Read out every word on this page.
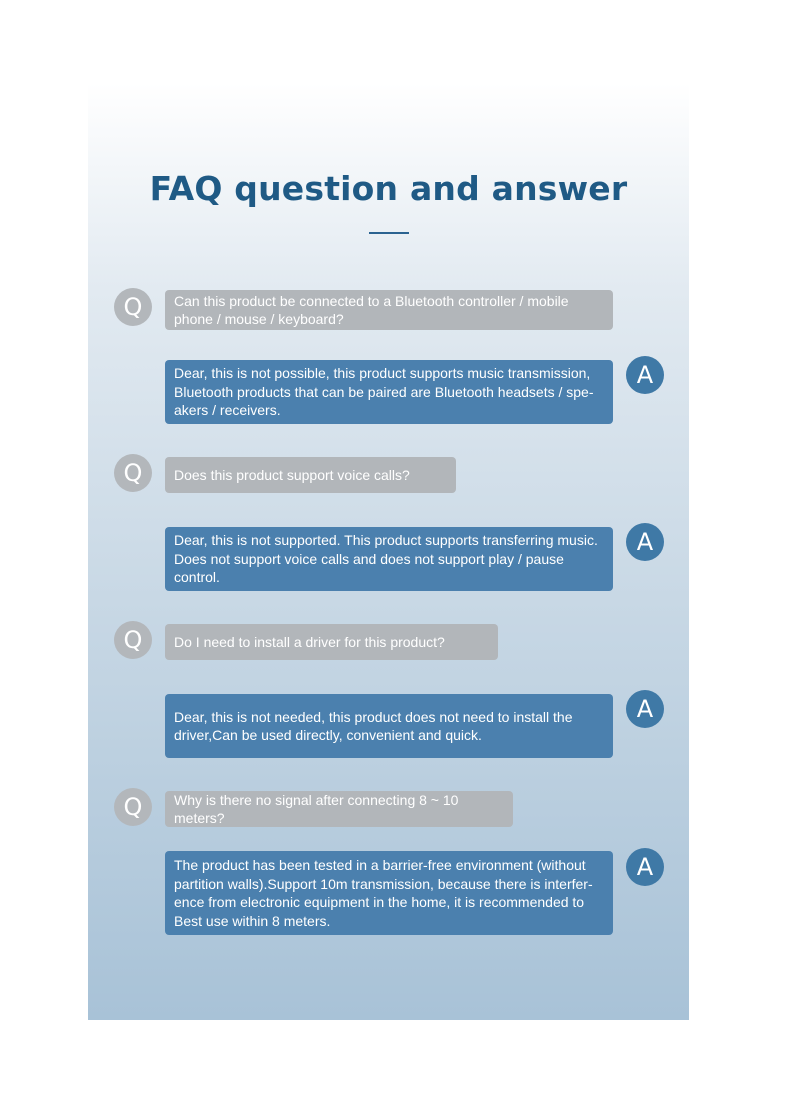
FAQ question and answer
Q	Can this product be connected to a Bluetooth controller / mobile
phone / mouse / keyboard?
Dear, this is not possible, this product supports music transmission,
Bluetooth products that can be paired are Bluetooth headsets / spe-
akers / receivers.
A
Q	Does this product support voice calls?
Dear, this is not supported. This product supports transferring music.
Does not support voice calls and does not support play / pause control.
A
Q	Do I need to install a driver for this product?
Dear, this is not needed, this product does not need to install the
driver,Can be used directly, convenient and quick.
A
Q	Why is there no signal after connecting 8 ~ 10 meters?
The product has been tested in a barrier-free environment (without
partition walls).Support 10m transmission, because there is interfer-
ence from electronic equipment in the home, it is recommended to
Best use within 8 meters.
A
